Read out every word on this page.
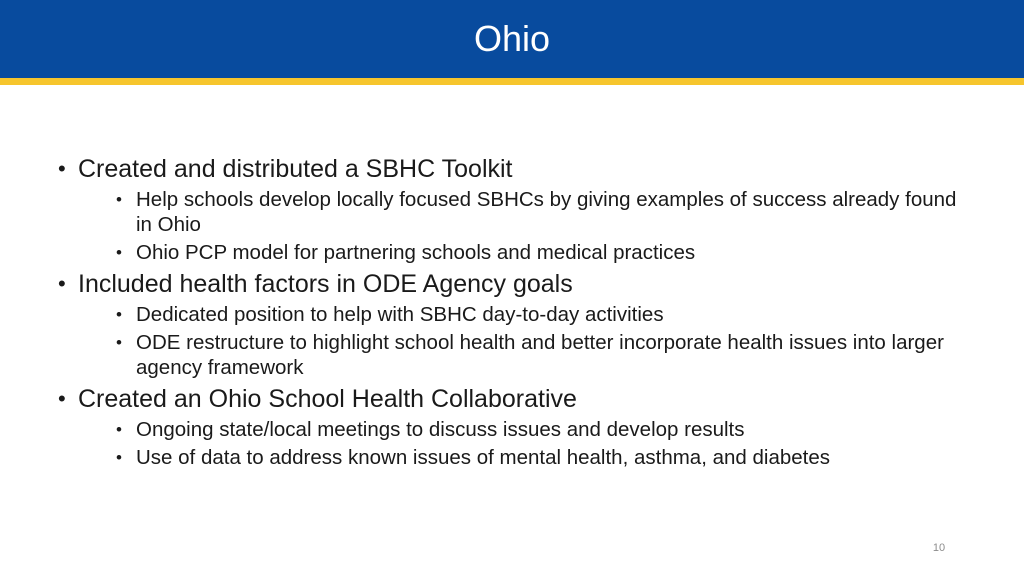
Ohio
• Created and distributed a SBHC Toolkit
• Help schools develop locally focused SBHCs by giving examples of success already found in Ohio
• Ohio PCP model for partnering schools and medical practices
• Included health factors in ODE Agency goals
• Dedicated position to help with SBHC day-to-day activities
• ODE restructure to highlight school health and better incorporate health issues into larger agency framework
• Created an Ohio School Health Collaborative
• Ongoing state/local meetings to discuss issues and develop results
• Use of data to address known issues of mental health, asthma, and diabetes
10
